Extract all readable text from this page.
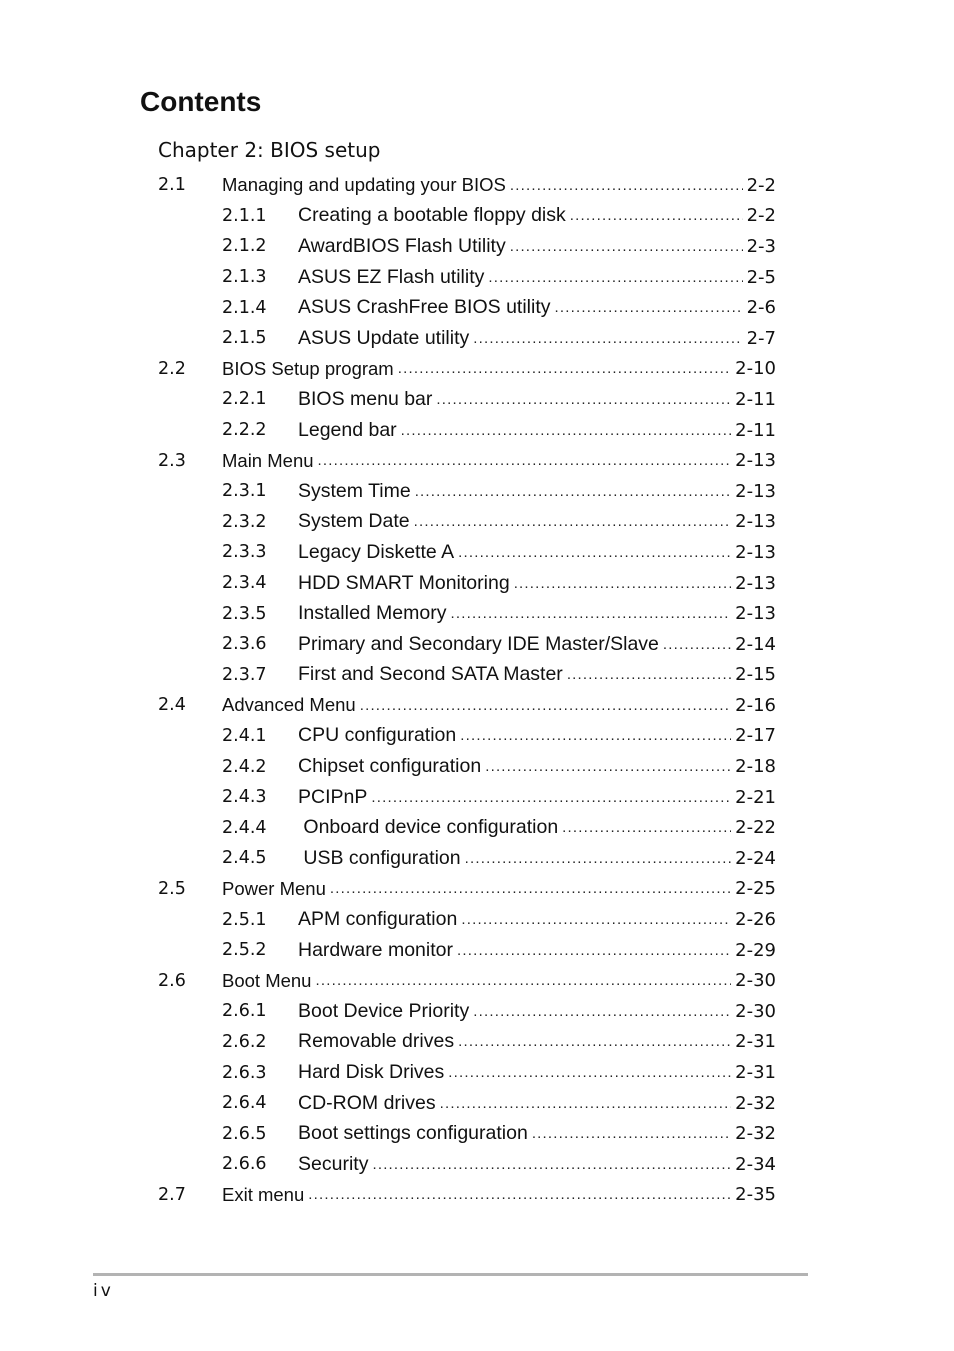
Contents
Chapter 2: BIOS setup
2.1 Managing and updating your BIOS .....	2-2
2.1.1 Creating a bootable floppy disk .....	2-2
2.1.2 AwardBIOS Flash Utility .....	2-3
2.1.3 ASUS EZ Flash utility .....	2-5
2.1.4 ASUS CrashFree BIOS utility .....	2-6
2.1.5 ASUS Update utility .....	2-7
2.2 BIOS Setup program .....	2-10
2.2.1 BIOS menu bar .....	2-11
2.2.2 Legend bar .....	2-11
2.3 Main Menu .....	2-13
2.3.1 System Time .....	2-13
2.3.2 System Date .....	2-13
2.3.3 Legacy Diskette A .....	2-13
2.3.4 HDD SMART Monitoring .....	2-13
2.3.5 Installed Memory .....	2-13
2.3.6 Primary and Secondary IDE Master/Slave .....	2-14
2.3.7 First and Second SATA Master .....	2-15
2.4 Advanced Menu .....	2-16
2.4.1 CPU configuration .....	2-17
2.4.2 Chipset configuration .....	2-18
2.4.3 PCIPnP .....	2-21
2.4.4 Onboard device configuration .....	2-22
2.4.5 USB configuration .....	2-24
2.5 Power Menu .....	2-25
2.5.1 APM configuration .....	2-26
2.5.2 Hardware monitor .....	2-29
2.6 Boot Menu .....	2-30
2.6.1 Boot Device Priority .....	2-30
2.6.2 Removable drives .....	2-31
2.6.3 Hard Disk Drives .....	2-31
2.6.4 CD-ROM drives .....	2-32
2.6.5 Boot settings configuration .....	2-32
2.6.6 Security .....	2-34
2.7 Exit menu .....	2-35
iv
